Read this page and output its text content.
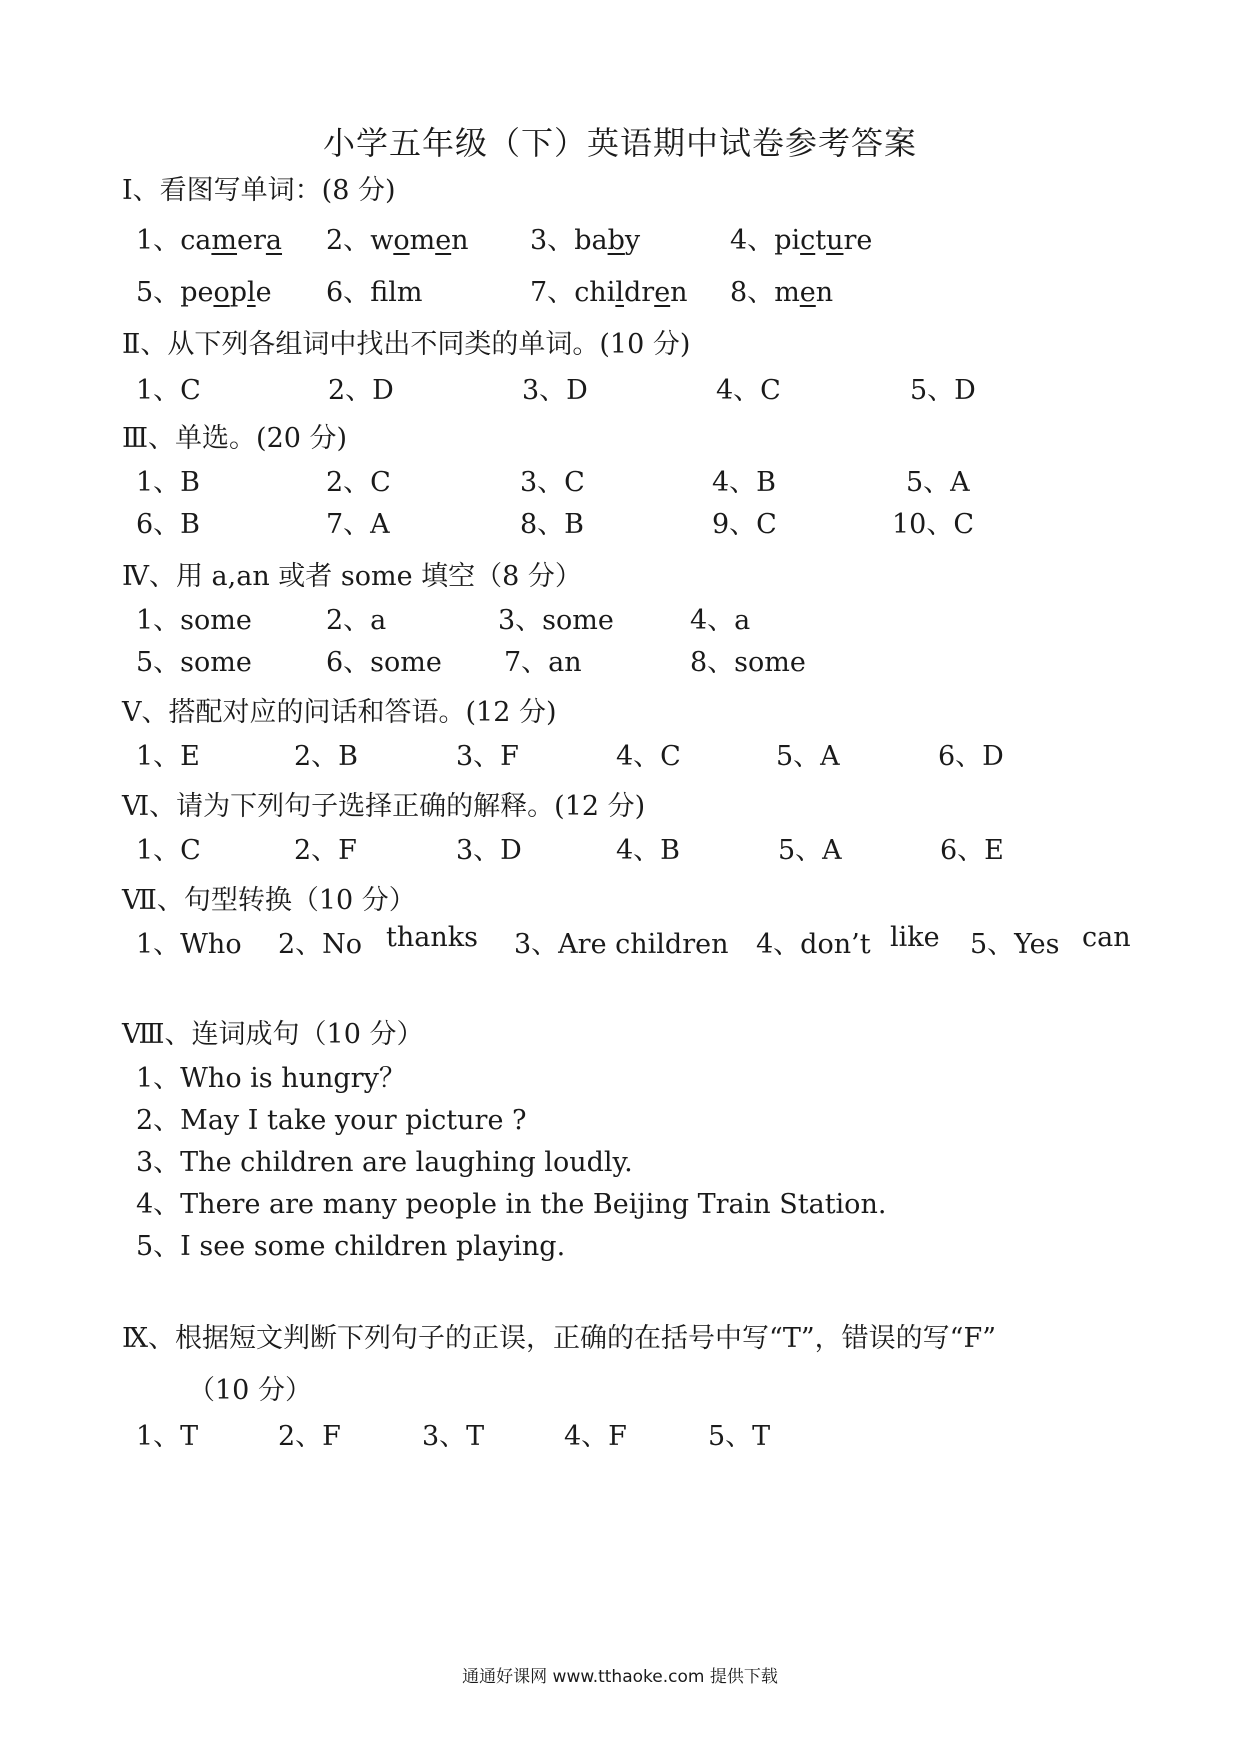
小学五年级（下）英语期中试卷参考答案
Ⅰ、看图写单词：(8 分)
1、camera 2、women 3、baby	4、picture
5、people 6、flm	7、children 8、men
Ⅱ、从下列各组词中找出不同类的单词。(10 分)
1、C	2、D	3、D	4、C	5、D
Ⅲ、单选。(20 分)
1、B	2、C	3、C	4、B	5、A
6、B	7、A	8、B	9、C	10、C
Ⅳ、用 a,an 或者 some 填空（8 分）
1、some	2、a	3、some	4、a
5、some	6、some 7、an	8、some
Ⅴ、搭配对应的问话和答语。(12 分)
1、E	2、B	3、F	4、C	5、A	6、D
Ⅵ、请为下列句子选择正确的解释。(12 分)
1、C	2、F	3、D	4、B	5、A	6、E
Ⅶ、句型转换（10 分）
1、Who 2、No thanks 3、Are children 4、don’t like 5、Yes can
Ⅷ、连词成句（10 分）
1、Who is hungry？
2、May I take your picture ?
3、The children are laughing loudly.
4、There are many people in the Beijing Train Station.
5、I see some children playing.
Ⅸ、根据短文判断下列句子的正误，正确的在括号中写“T”，错误的写“F”
（10 分）
1、T	2、F	3、T	4、F	5、T
通通好课网 www.tthaoke.com 提供下载
